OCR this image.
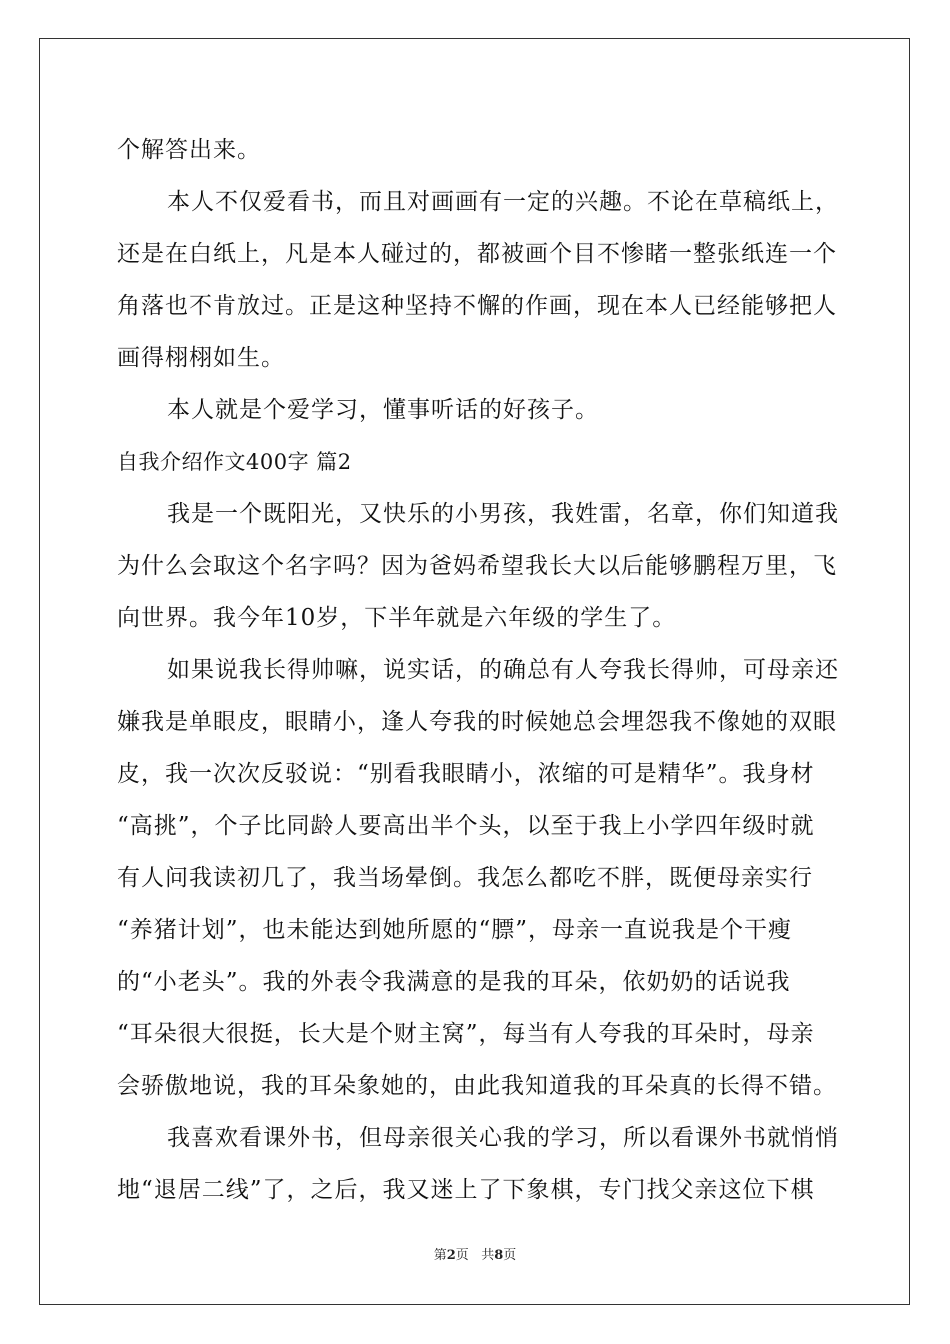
个解答出来。
本人不仅爱看书，而且对画画有一定的兴趣。不论在草稿纸上，
还是在白纸上，凡是本人碰过的，都被画个目不惨睹一整张纸连一个
角落也不肯放过。正是这种坚持不懈的作画，现在本人已经能够把人
画得栩栩如生。
本人就是个爱学习，懂事听话的好孩子。
自我介绍作文400字 篇2
我是一个既阳光，又快乐的小男孩，我姓雷，名章，你们知道我
为什么会取这个名字吗？因为爸妈希望我长大以后能够鹏程万里，飞
向世界。我今年10岁，下半年就是六年级的学生了。
如果说我长得帅嘛，说实话，的确总有人夸我长得帅，可母亲还
嫌我是单眼皮，眼睛小，逢人夸我的时候她总会埋怨我不像她的双眼
皮，我一次次反驳说：“别看我眼睛小，浓缩的可是精华”。我身材
“高挑”，个子比同龄人要高出半个头，以至于我上小学四年级时就
有人问我读初几了，我当场晕倒。我怎么都吃不胖，既便母亲实行
“养猪计划”，也未能达到她所愿的“膘”，母亲一直说我是个干瘦
的“小老头”。我的外表令我满意的是我的耳朵，依奶奶的话说我
“耳朵很大很挺，长大是个财主窝”，每当有人夸我的耳朵时，母亲
会骄傲地说，我的耳朵象她的，由此我知道我的耳朵真的长得不错。
我喜欢看课外书，但母亲很关心我的学习，所以看课外书就悄悄
地“退居二线”了，之后，我又迷上了下象棋，专门找父亲这位下棋
第2页   共8页
